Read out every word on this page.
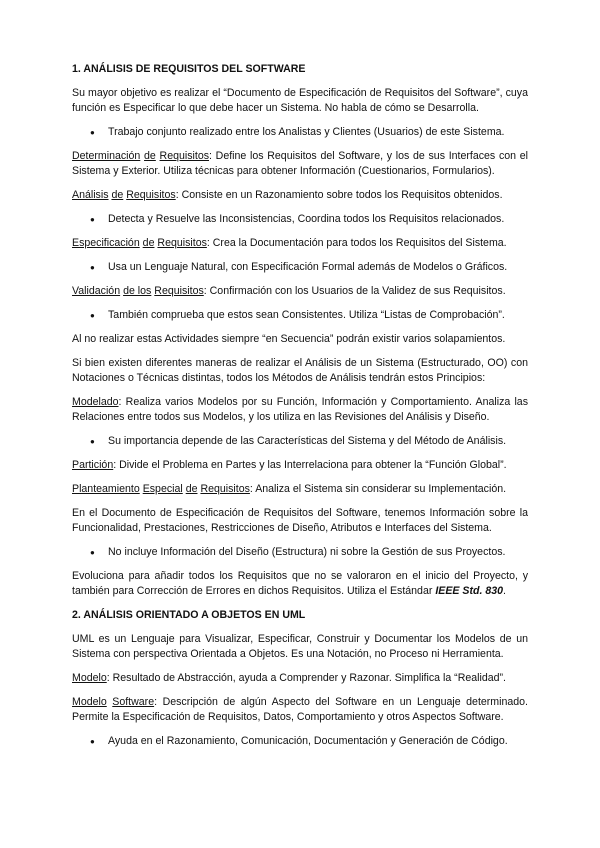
1. ANÁLISIS DE REQUISITOS DEL SOFTWARE

Su mayor objetivo es realizar el “Documento de Especificación de Requisitos del Software”, cuya función es Especificar lo que debe hacer un Sistema. No habla de cómo se Desarrolla.

● Trabajo conjunto realizado entre los Analistas y Clientes (Usuarios) de este Sistema.

Determinación de Requisitos: Define los Requisitos del Software, y los de sus Interfaces con el Sistema y Exterior. Utiliza técnicas para obtener Información (Cuestionarios, Formularios).

Análisis de Requisitos: Consiste en un Razonamiento sobre todos los Requisitos obtenidos.

● Detecta y Resuelve las Inconsistencias, Coordina todos los Requisitos relacionados.

Especificación de Requisitos: Crea la Documentación para todos los Requisitos del Sistema.

● Usa un Lenguaje Natural, con Especificación Formal además de Modelos o Gráficos.

Validación de los Requisitos: Confirmación con los Usuarios de la Validez de sus Requisitos.

● También comprueba que estos sean Consistentes. Utiliza “Listas de Comprobación”.

Al no realizar estas Actividades siempre “en Secuencia” podrán existir varios solapamientos.

Si bien existen diferentes maneras de realizar el Análisis de un Sistema (Estructurado, OO) con Notaciones o Técnicas distintas, todos los Métodos de Análisis tendrán estos Principios:

Modelado: Realiza varios Modelos por su Función, Información y Comportamiento. Analiza las Relaciones entre todos sus Modelos, y los utiliza en las Revisiones del Análisis y Diseño.

● Su importancia depende de las Características del Sistema y del Método de Análisis.

Partición: Divide el Problema en Partes y las Interrelaciona para obtener la “Función Global”.

Planteamiento Especial de Requisitos: Analiza el Sistema sin considerar su Implementación.

En el Documento de Especificación de Requisitos del Software, tenemos Información sobre la Funcionalidad, Prestaciones, Restricciones de Diseño, Atributos e Interfaces del Sistema.

● No incluye Información del Diseño (Estructura) ni sobre la Gestión de sus Proyectos.

Evoluciona para añadir todos los Requisitos que no se valoraron en el inicio del Proyecto, y también para Corrección de Errores en dichos Requisitos. Utiliza el Estándar IEEE Std. 830.

2. ANÁLISIS ORIENTADO A OBJETOS EN UML

UML es un Lenguaje para Visualizar, Especificar, Construir y Documentar los Modelos de un Sistema con perspectiva Orientada a Objetos. Es una Notación, no Proceso ni Herramienta.

Modelo: Resultado de Abstracción, ayuda a Comprender y Razonar. Simplifica la “Realidad”.

Modelo Software: Descripción de algún Aspecto del Software en un Lenguaje determinado. Permite la Especificación de Requisitos, Datos, Comportamiento y otros Aspectos Software.

● Ayuda en el Razonamiento, Comunicación, Documentación y Generación de Código.
